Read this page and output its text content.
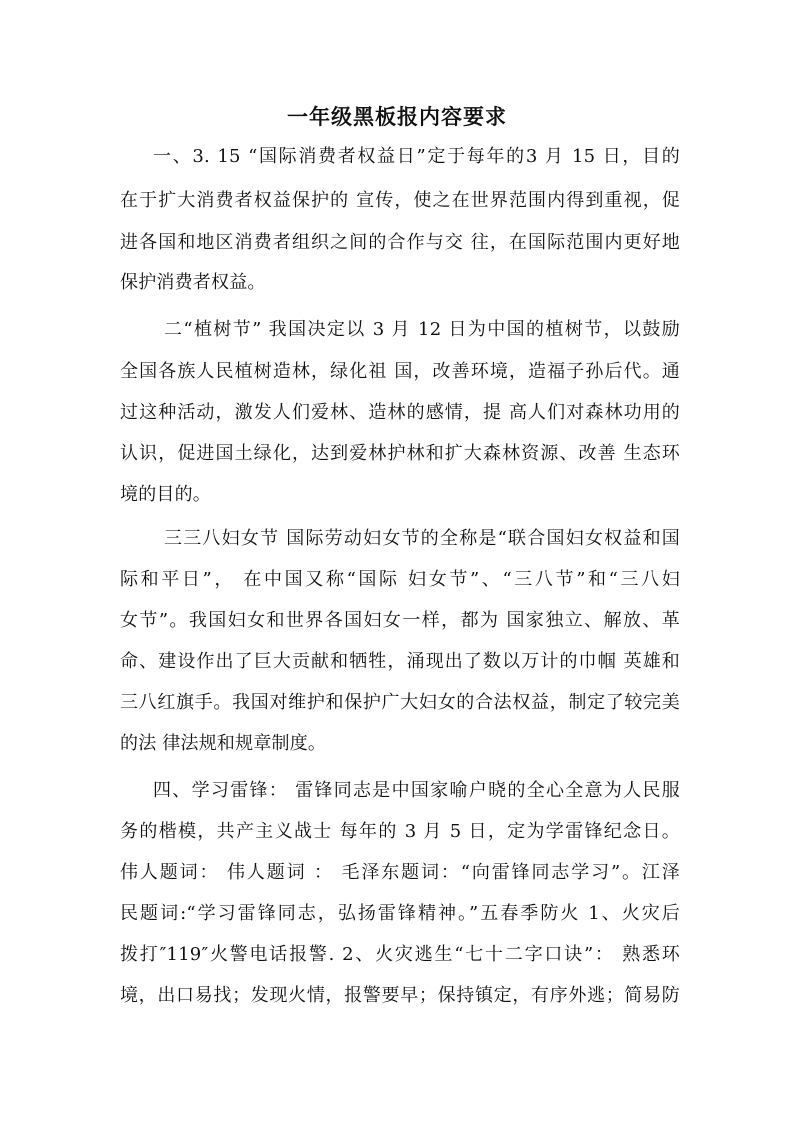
一年级黑板报内容要求
一、3. 15 “国际消费者权益日”定于每年的3 月 15 日，目的
在于扩大消费者权益保护的 宣传，使之在世界范围内得到重视，促
进各国和地区消费者组织之间的合作与交 往，在国际范围内更好地
保护消费者权益。
二“植树节” 我国决定以 3 月 12 日为中国的植树节，以鼓励
全国各族人民植树造林，绿化祖 国，改善环境，造福子孙后代。通
过这种活动，激发人们爱林、造林的感情，提 高人们对森林功用的
认识，促进国土绿化，达到爱林护林和扩大森林资源、改善 生态环
境的目的。
三三八妇女节 国际劳动妇女节的全称是“联合国妇女权益和国
际和平日”， 在中国又称“国际 妇女节”、“三八节”和“三八妇
女节”。我国妇女和世界各国妇女一样，都为 国家独立、解放、革
命、建设作出了巨大贡献和牺牲，涌现出了数以万计的巾帼 英雄和
三八红旗手。我国对维护和保护广大妇女的合法权益，制定了较完美
的法 律法规和规章制度。
四、学习雷锋： 雷锋同志是中国家喻户晓的全心全意为人民服
务的楷模，共产主义战士 每年的 3 月 5 日，定为学雷锋纪念日。
伟人题词： 伟人题词 ： 毛泽东题词：“向雷锋同志学习”。江泽
民题词:“学习雷锋同志，弘扬雷锋精神。”五春季防火 1、火灾后
拨打″119″火警电话报警. 2、火灾逃生“七十二字口诀”： 熟悉环
境，出口易找；发现火情，报警要早；保持镇定，有序外逃；简易防
